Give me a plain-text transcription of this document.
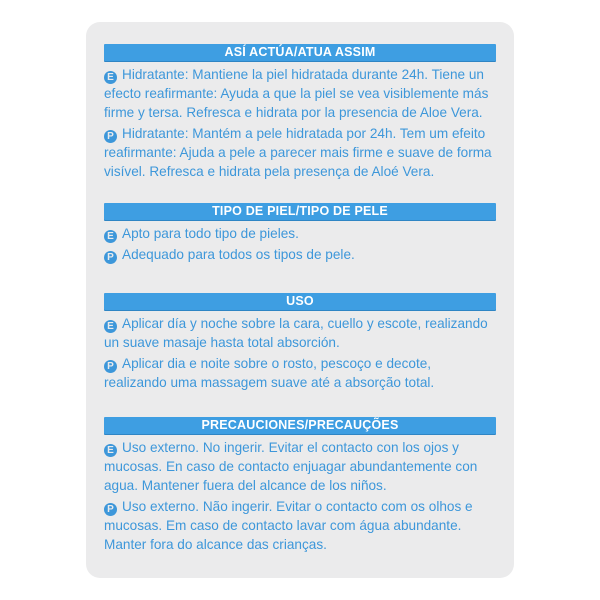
ASÍ ACTÚA/ATUA ASSIM

E Hidratante: Mantiene la piel hidratada durante 24h. Tiene un efecto reafirmante: Ayuda a que la piel se vea visiblemente más firme y tersa. Refresca e hidrata por la presencia de Aloe Vera.

P Hidratante: Mantém a pele hidratada por 24h. Tem um efeito reafirmante: Ajuda a pele a parecer mais firme e suave de forma visível. Refresca e hidrata pela presença de Aloé Vera.

TIPO DE PIEL/TIPO DE PELE

E Apto para todo tipo de pieles.

P Adequado para todos os tipos de pele.

USO

E Aplicar día y noche sobre la cara, cuello y escote, realizando un suave masaje hasta total absorción.

P Aplicar dia e noite sobre o rosto, pescoço e decote, realizando uma massagem suave até a absorção total.

PRECAUCIONES/PRECAUÇÕES

E Uso externo. No ingerir. Evitar el contacto con los ojos y mucosas. En caso de contacto enjuagar abundantemente con agua. Mantener fuera del alcance de los niños.

P Uso externo. Não ingerir. Evitar o contacto com os olhos e mucosas. Em caso de contacto lavar com água abundante. Manter fora do alcance das crianças.
